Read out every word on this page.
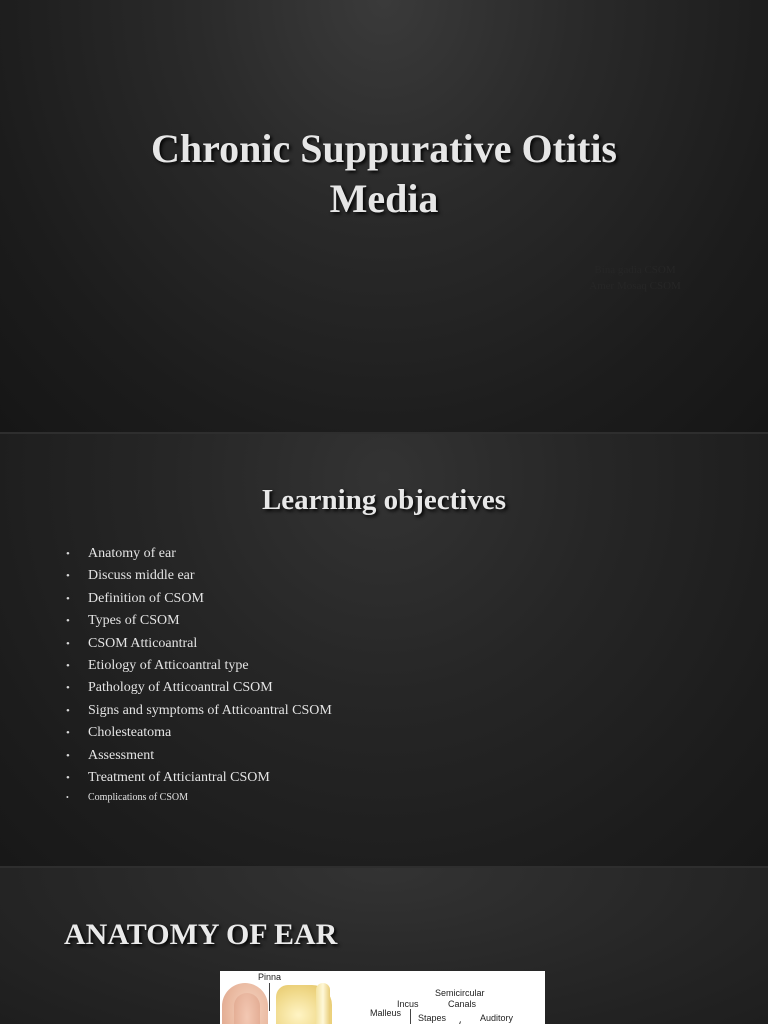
Chronic Suppurative Otitis
Media
Bina gadia CSOM
Amer Mosaq CSOM
Learning objectives
• Anatomy of ear
• Discuss middle ear
• Definition of CSOM
• Types of CSOM
• CSOM Atticoantral
• Etiology of Atticoantral type
• Pathology of Atticoantral CSOM
• Signs and symptoms of Atticoantral CSOM
• Cholesteatoma
• Assessment
• Treatment of Atticiantral CSOM
• Complications of CSOM
ANATOMY OF EAR
Pinna
Semicircular
Canals
Incus
Malleus Stapes	Auditory
